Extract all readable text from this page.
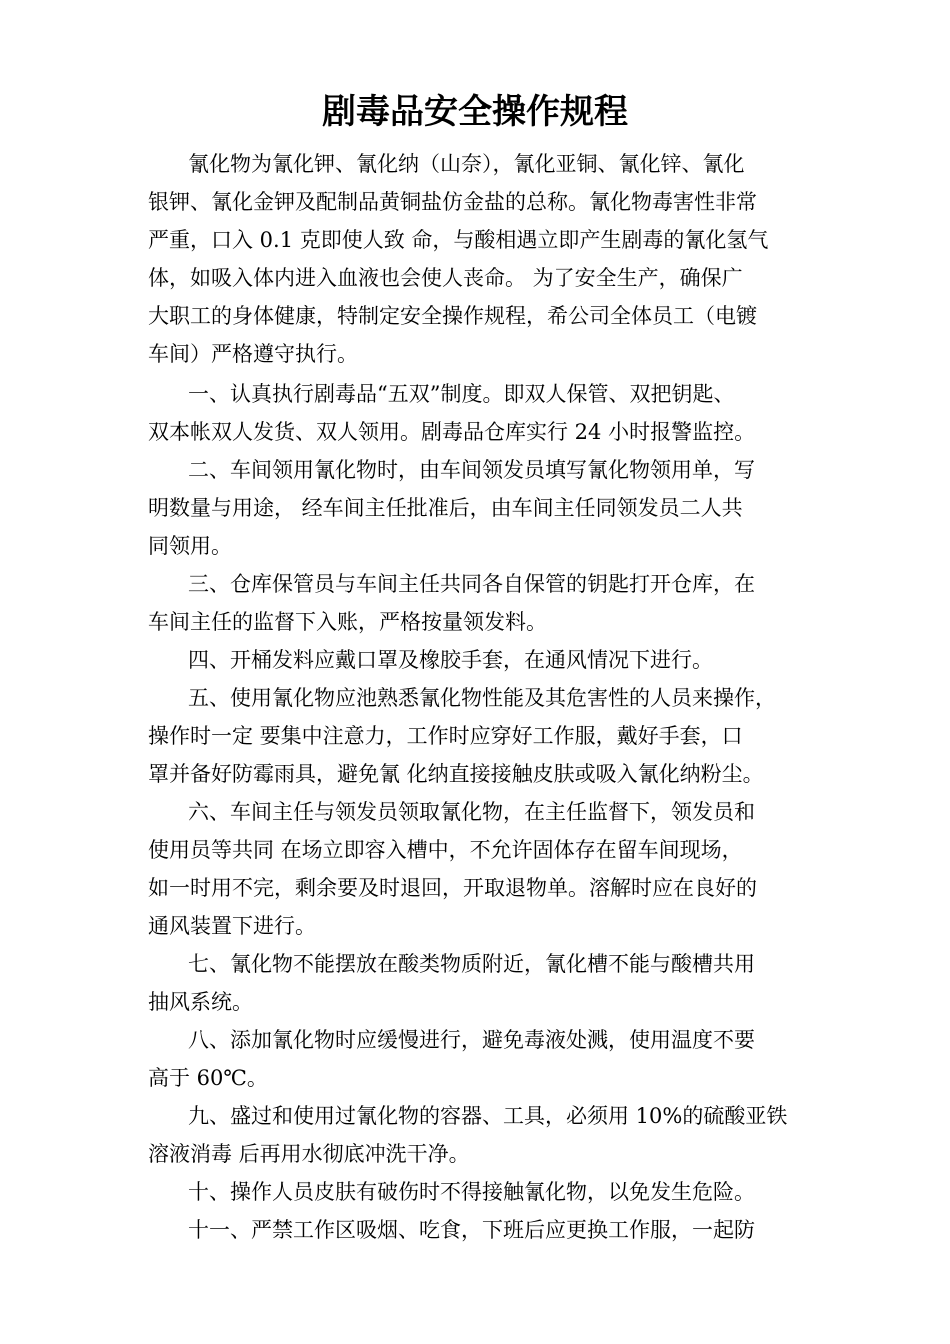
剧毒品安全操作规程
氰化物为氰化钾、氰化纳（山奈），氰化亚铜、氰化锌、氰化
银钾、氰化金钾及配制品黄铜盐仿金盐的总称。氰化物毒害性非常
严重，口入 0.1 克即使人致 命，与酸相遇立即产生剧毒的氰化氢气
体，如吸入体内进入血液也会使人丧命。 为了安全生产，确保广
大职工的身体健康，特制定安全操作规程，希公司全体员工（电镀
车间）严格遵守执行。
一、认真执行剧毒品“五双”制度。即双人保管、双把钥匙、
双本帐双人发货、双人领用。剧毒品仓库实行 24 小时报警监控。
二、车间领用氰化物时，由车间领发员填写氰化物领用单，写
明数量与用途， 经车间主任批准后，由车间主任同领发员二人共
同领用。
三、仓库保管员与车间主任共同各自保管的钥匙打开仓库，在
车间主任的监督下入账，严格按量领发料。
四、开桶发料应戴口罩及橡胶手套，在通风情况下进行。
五、使用氰化物应池熟悉氰化物性能及其危害性的人员来操作，
操作时一定 要集中注意力，工作时应穿好工作服，戴好手套，口
罩并备好防霉雨具，避免氰 化纳直接接触皮肤或吸入氰化纳粉尘。
六、车间主任与领发员领取氰化物，在主任监督下，领发员和
使用员等共同 在场立即容入槽中，不允许固体存在留车间现场，
如一时用不完，剩余要及时退回，开取退物单。溶解时应在良好的
通风装置下进行。
七、氰化物不能摆放在酸类物质附近，氰化槽不能与酸槽共用
抽风系统。
八、添加氰化物时应缓慢进行，避免毒液处溅，使用温度不要
高于 60℃。
九、盛过和使用过氰化物的容器、工具，必须用 10%的硫酸亚铁
溶液消毒 后再用水彻底冲洗干净。
十、操作人员皮肤有破伤时不得接触氰化物，以免发生危险。
十一、严禁工作区吸烟、吃食，下班后应更换工作服，一起防
